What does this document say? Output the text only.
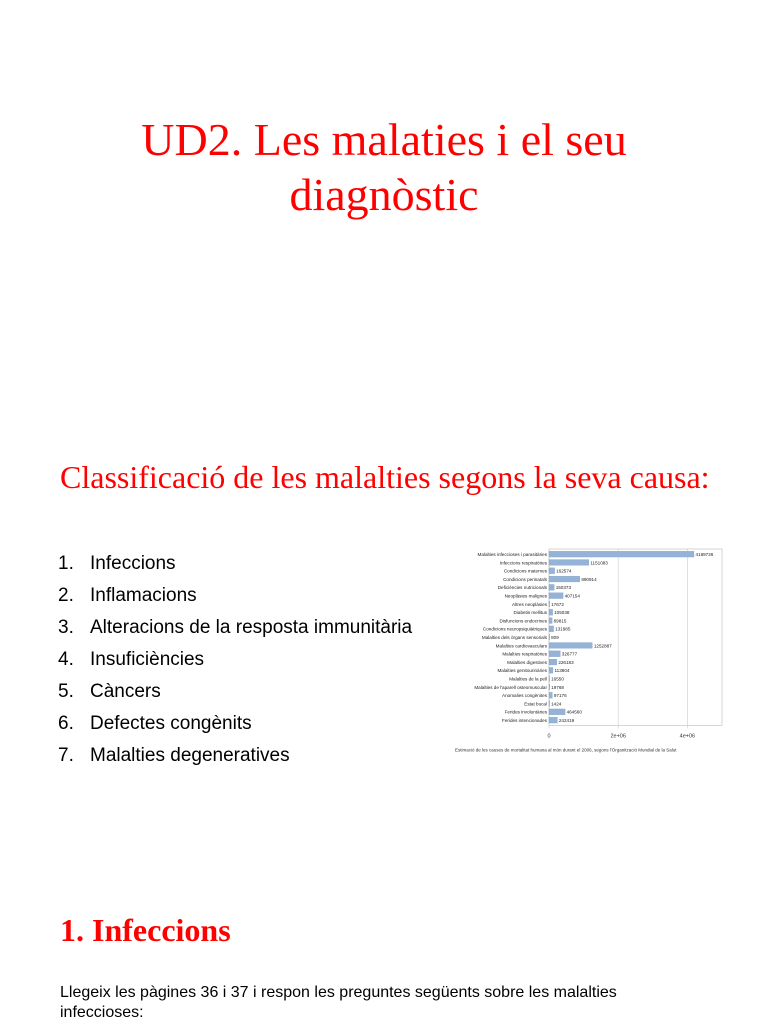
UD2. Les malaties i el seu diagnòstic
Classificació de les malalties segons la seva causa:
1. Infeccions
2. Inflamacions
3. Alteracions de la resposta immunitària
4. Insuficiències
5. Càncers
6. Defectes congènits
7. Malalties degeneratives
0	2e+06	4e+06
Malalties infeccioses i parasitàries	4189726
Infeccions respiratòries	1151083
Condicions maternes 162574
Condicions perinatals	890914
Deficiències nutricionals 150373
Neoplàsies malignes	407154
Altres neoplàsies 17672
Diabetis mellitus 105038
Disfuncions endocrines 89815
Condicions neuropsiquiàtriques 131985
Malalties dels òrgans sensorials 809
Malalties cardiovasculars	1252887
Malalties respiratòries	326777
Malalties digestives 226183
Malalties genitourinàries 113804
Malalties de la pell 16550
Malalties de l'aparell osteomuscular 19768
Anomalies congènites 97176
Estat bucal 1424
Ferides involuntàries	464560
Ferides intencionades	242419
Estimació de les causes de mortalitat humana al món durant el 2006, segons l'Organització Mundial de la Salut
1. Infeccions

Llegeix les pàgines 36 i 37 i respon les preguntes següents sobre les malalties infeccioses:
